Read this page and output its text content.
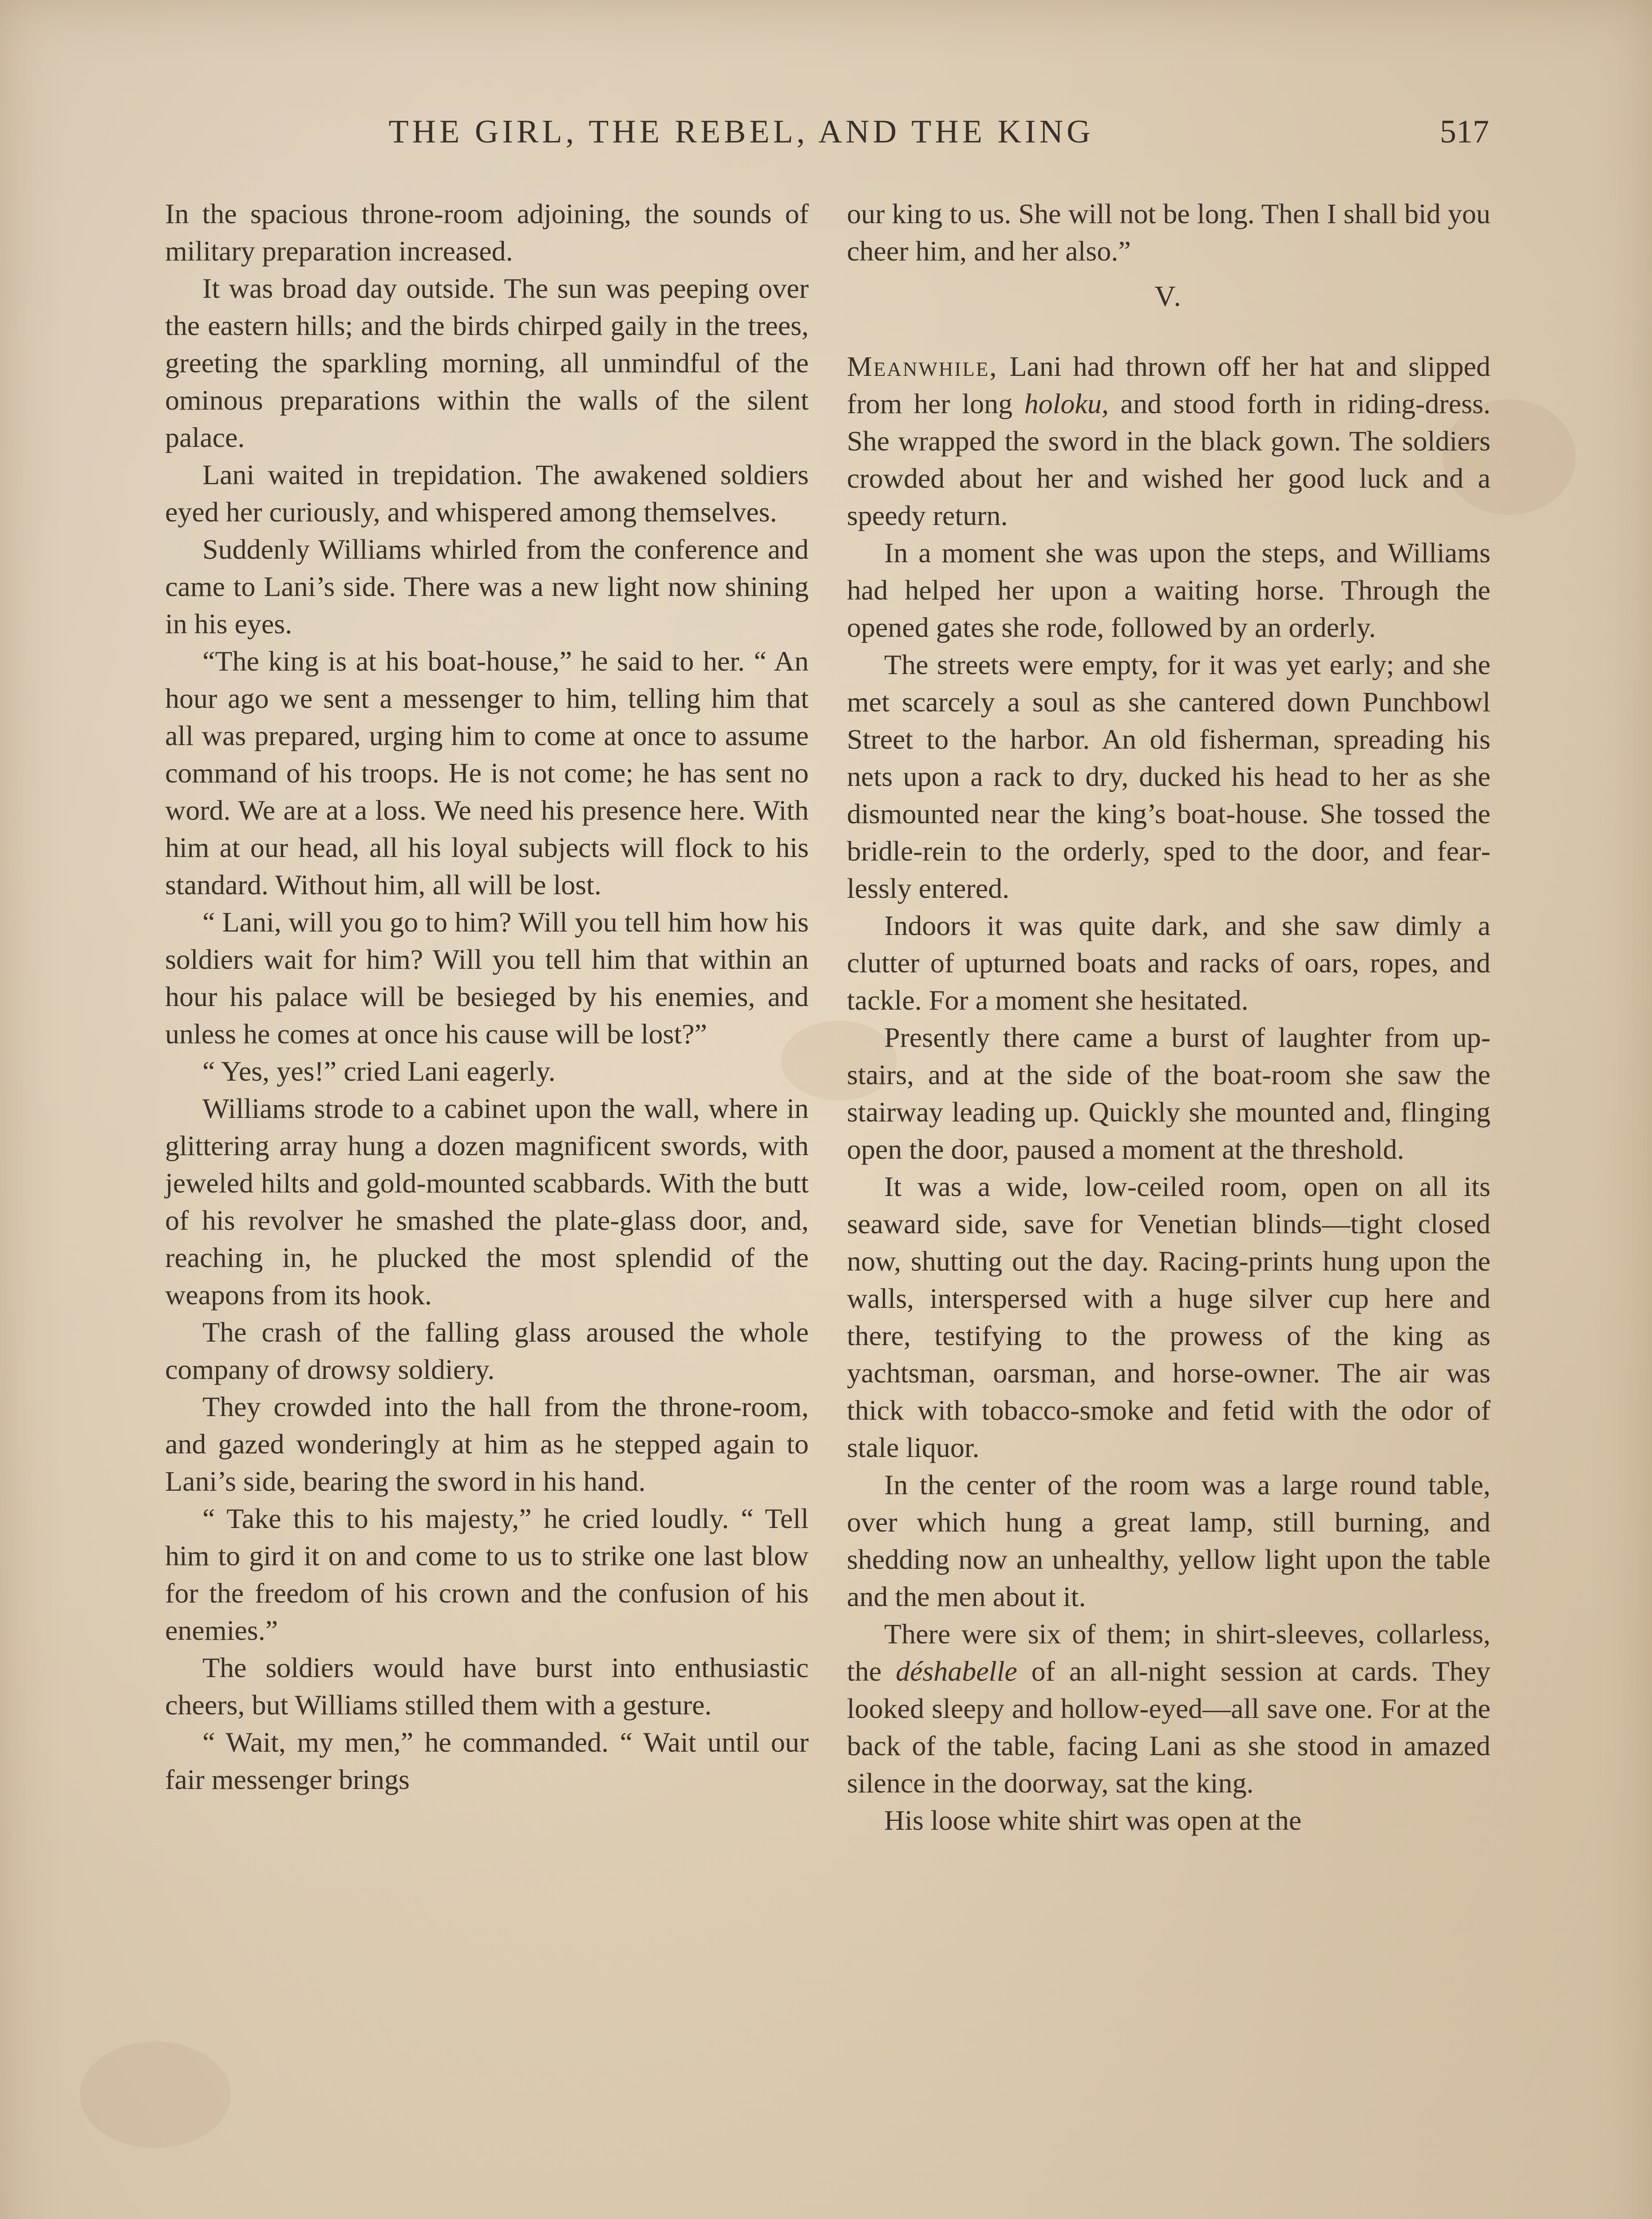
THE GIRL, THE REBEL, AND THE KING	517

In the spacious throne-room adjoining, the sounds of military preparation increased.

It was broad day outside. The sun was peeping over the eastern hills; and the birds chirped gaily in the trees, greeting the sparkling morning, all unmindful of the ominous preparations within the walls of the silent palace.

Lani waited in trepidation. The awakened soldiers eyed her curiously, and whispered among themselves.

Suddenly Williams whirled from the conference and came to Lani’s side. There was a new light now shining in his eyes.

“The king is at his boat-house,” he said to her. “ An hour ago we sent a messenger to him, telling him that all was prepared, urging him to come at once to assume command of his troops. He is not come; he has sent no word. We are at a loss. We need his presence here. With him at our head, all his loyal subjects will flock to his standard. Without him, all will be lost.

“ Lani, will you go to him? Will you tell him how his soldiers wait for him? Will you tell him that within an hour his palace will be besieged by his enemies, and unless he comes at once his cause will be lost?”

“ Yes, yes!” cried Lani eagerly.

Williams strode to a cabinet upon the wall, where in glittering array hung a dozen magnificent swords, with jeweled hilts and gold-mounted scabbards. With the butt of his revolver he smashed the plate-glass door, and, reaching in, he plucked the most splendid of the weapons from its hook.

The crash of the falling glass aroused the whole company of drowsy soldiery.

They crowded into the hall from the throne-room, and gazed wonderingly at him as he stepped again to Lani’s side, bearing the sword in his hand.

“ Take this to his majesty,” he cried loudly. “ Tell him to gird it on and come to us to strike one last blow for the freedom of his crown and the confusion of his enemies.”

The soldiers would have burst into enthusiastic cheers, but Williams stilled them with a gesture.

“ Wait, my men,” he commanded. “ Wait until our fair messenger brings

our king to us. She will not be long. Then I shall bid you cheer him, and her also.”

V.

Meanwhile, Lani had thrown off her hat and slipped from her long holoku, and stood forth in riding-dress. She wrapped the sword in the black gown. The soldiers crowded about her and wished her good luck and a speedy return.

In a moment she was upon the steps, and Williams had helped her upon a waiting horse. Through the opened gates she rode, followed by an orderly.

The streets were empty, for it was yet early; and she met scarcely a soul as she cantered down Punchbowl Street to the harbor. An old fisherman, spreading his nets upon a rack to dry, ducked his head to her as she dismounted near the king’s boat-house. She tossed the bridle-rein to the orderly, sped to the door, and fearlessly entered.

Indoors it was quite dark, and she saw dimly a clutter of upturned boats and racks of oars, ropes, and tackle. For a moment she hesitated.

Presently there came a burst of laughter from up-stairs, and at the side of the boat-room she saw the stairway leading up. Quickly she mounted and, flinging open the door, paused a moment at the threshold.

It was a wide, low-ceiled room, open on all its seaward side, save for Venetian blinds—tight closed now, shutting out the day. Racing-prints hung upon the walls, interspersed with a huge silver cup here and there, testifying to the prowess of the king as yachtsman, oarsman, and horse-owner. The air was thick with tobacco-smoke and fetid with the odor of stale liquor.

In the center of the room was a large round table, over which hung a great lamp, still burning, and shedding now an unhealthy, yellow light upon the table and the men about it.

There were six of them; in shirt-sleeves, collarless, the déshabelle of an all-night session at cards. They looked sleepy and hollow-eyed—all save one. For at the back of the table, facing Lani as she stood in amazed silence in the doorway, sat the king.

His loose white shirt was open at the
